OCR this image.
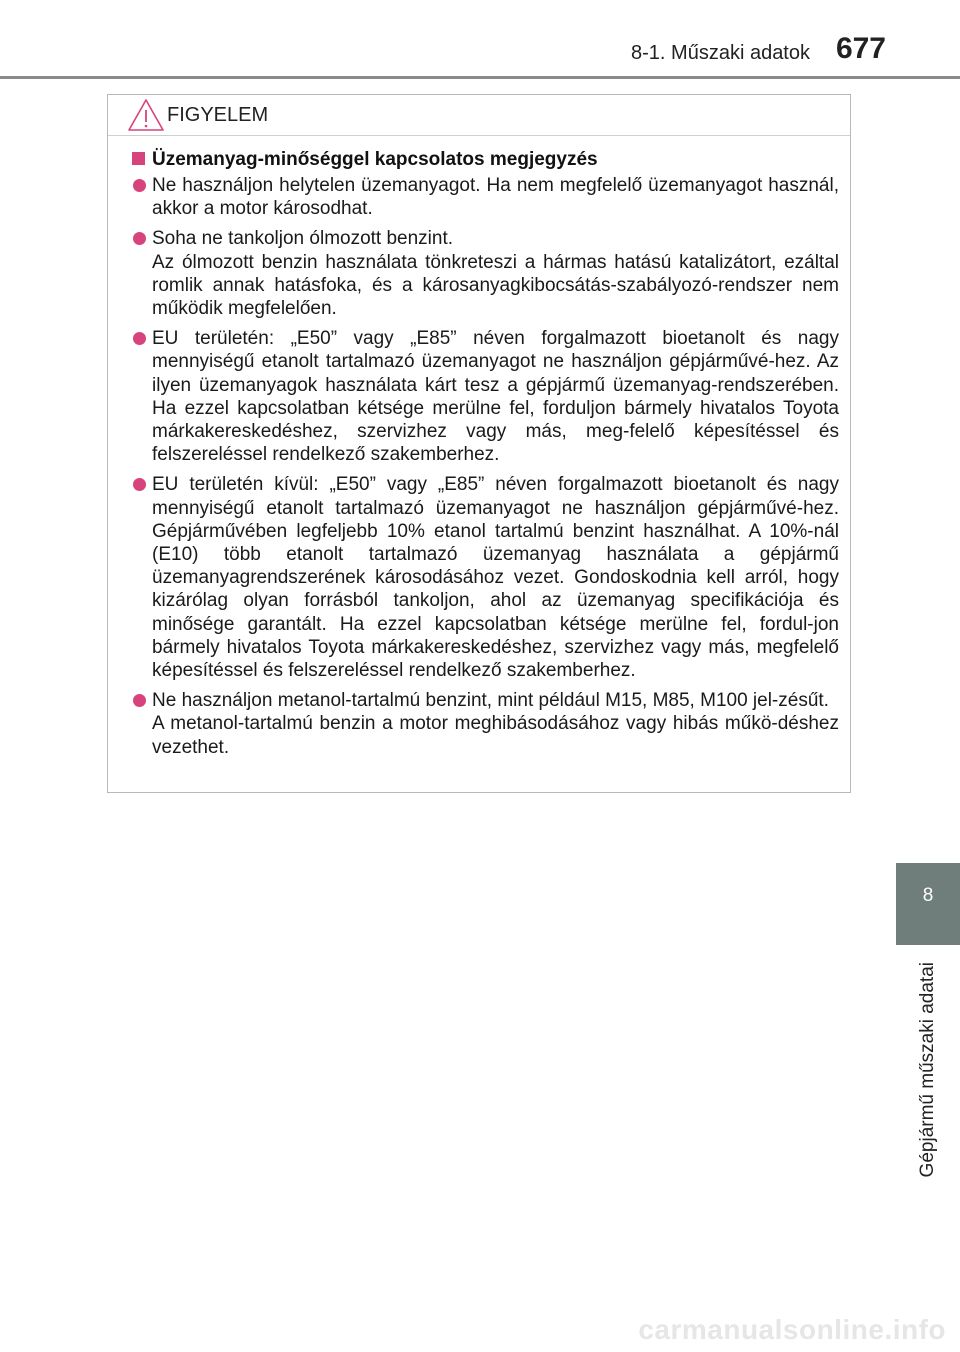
8-1. Műszaki adatok 677
FIGYELEM
Üzemanyag-minőséggel kapcsolatos megjegyzés
Ne használjon helytelen üzemanyagot. Ha nem megfelelő üzemanyagot használ, akkor a motor károsodhat.
Soha ne tankoljon ólmozott benzint.
Az ólmozott benzin használata tönkreteszi a hármas hatású katalizátort, ezáltal romlik annak hatásfoka, és a károsanyagkibocsátás-szabályozó-rendszer nem működik megfelelően.
EU területén: „E50” vagy „E85” néven forgalmazott bioetanolt és nagy mennyiségű etanolt tartalmazó üzemanyagot ne használjon gépjárművé-hez. Az ilyen üzemanyagok használata kárt tesz a gépjármű üzemanyag-rendszerében. Ha ezzel kapcsolatban kétsége merülne fel, forduljon bármely hivatalos Toyota márkakereskedéshez, szervizhez vagy más, meg-felelő képesítéssel és felszereléssel rendelkező szakemberhez.
EU területén kívül: „E50” vagy „E85” néven forgalmazott bioetanolt és nagy mennyiségű etanolt tartalmazó üzemanyagot ne használjon gépjárművé-hez. Gépjárművében legfeljebb 10% etanol tartalmú benzint használhat. A 10%-nál (E10) több etanolt tartalmazó üzemanyag használata a gépjármű üzemanyagrendszerének károsodásához vezet. Gondoskodnia kell arról, hogy kizárólag olyan forrásból tankoljon, ahol az üzemanyag specifikációja és minősége garantált. Ha ezzel kapcsolatban kétsége merülne fel, fordul-jon bármely hivatalos Toyota márkakereskedéshez, szervizhez vagy más, megfelelő képesítéssel és felszereléssel rendelkező szakemberhez.
Ne használjon metanol-tartalmú benzint, mint például M15, M85, M100 jel-zésűt.
A metanol-tartalmú benzin a motor meghibásodásához vagy hibás műkö-déshez vezethet.
8
Gépjármű műszaki adatai
carmanualsonline.info
